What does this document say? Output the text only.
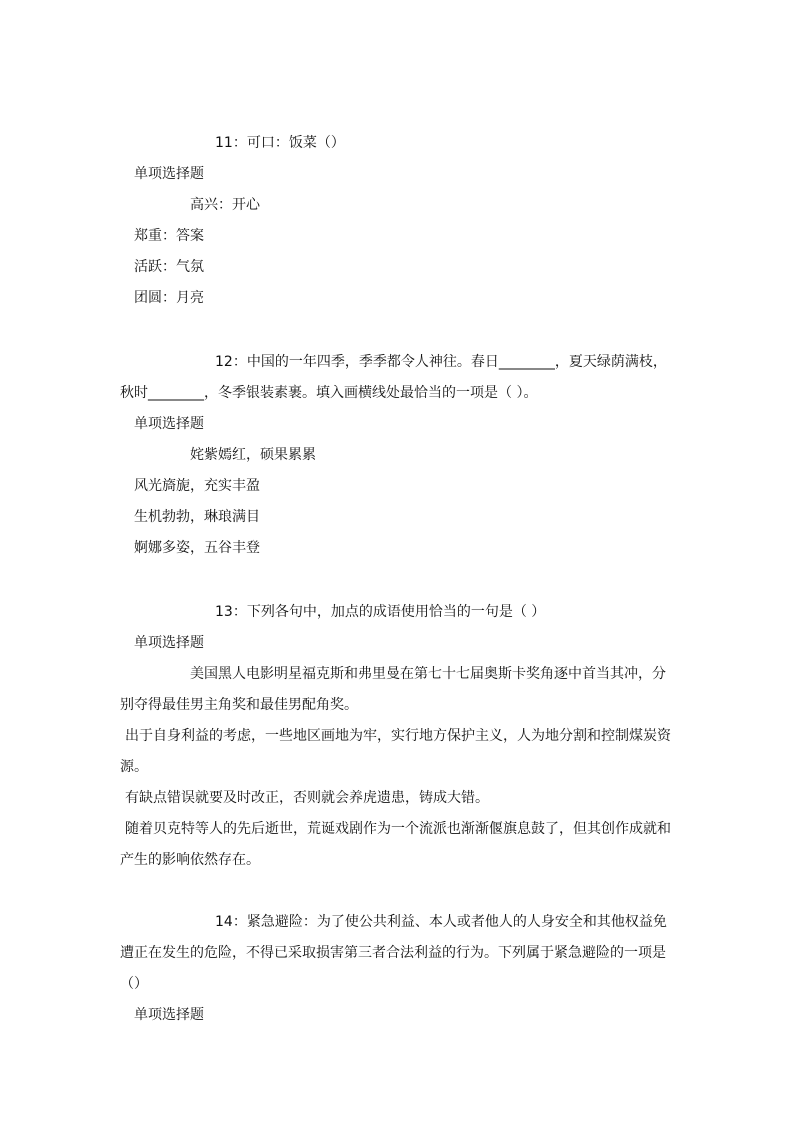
11：可口：饭菜（）
单项选择题
高兴：开心
郑重：答案
活跃：气氛
团圆：月亮
12：中国的一年四季，季季都令人神往。春日________，夏天绿荫满枝，秋时________，冬季银装素裹。填入画横线处最恰当的一项是（ ）。
单项选择题
姹紫嫣红，硕果累累
风光旖旎，充实丰盈
生机勃勃，琳琅满目
婀娜多姿，五谷丰登
13：下列各句中，加点的成语使用恰当的一句是（ ）
单项选择题
美国黑人电影明星福克斯和弗里曼在第七十七届奥斯卡奖角逐中首当其冲，分别夺得最佳男主角奖和最佳男配角奖。
出于自身利益的考虑，一些地区画地为牢，实行地方保护主义，人为地分割和控制煤炭资源。
有缺点错误就要及时改正，否则就会养虎遗患，铸成大错。
随着贝克特等人的先后逝世，荒诞戏剧作为一个流派也渐渐偃旗息鼓了，但其创作成就和产生的影响依然存在。
14：紧急避险：为了使公共利益、本人或者他人的人身安全和其他权益免遭正在发生的危险，不得已采取损害第三者合法利益的行为。下列属于紧急避险的一项是（）
单项选择题
